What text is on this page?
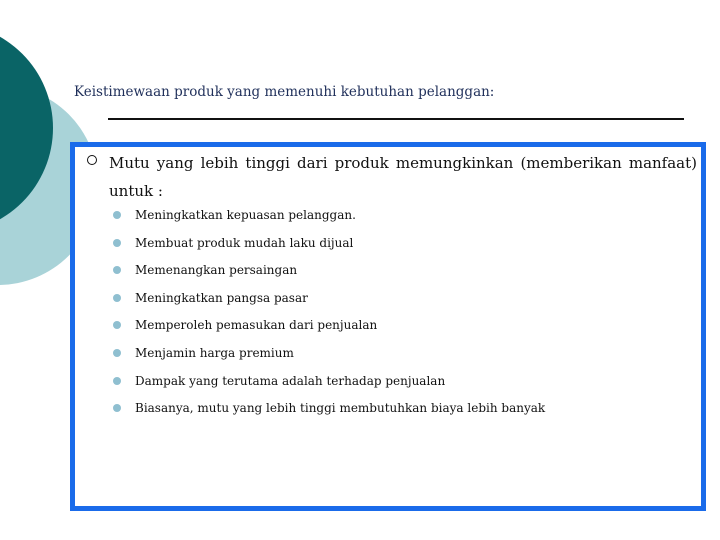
Keistimewaan produk yang memenuhi kebutuhan pelanggan:
Mutu yang lebih tinggi dari produk memungkinkan (memberikan manfaat) untuk :
Meningkatkan kepuasan pelanggan.
Membuat produk mudah laku dijual
Memenangkan persaingan
Meningkatkan pangsa pasar
Memperoleh pemasukan dari penjualan
Menjamin harga premium
Dampak yang terutama adalah terhadap penjualan
Biasanya, mutu yang lebih tinggi membutuhkan biaya lebih banyak
